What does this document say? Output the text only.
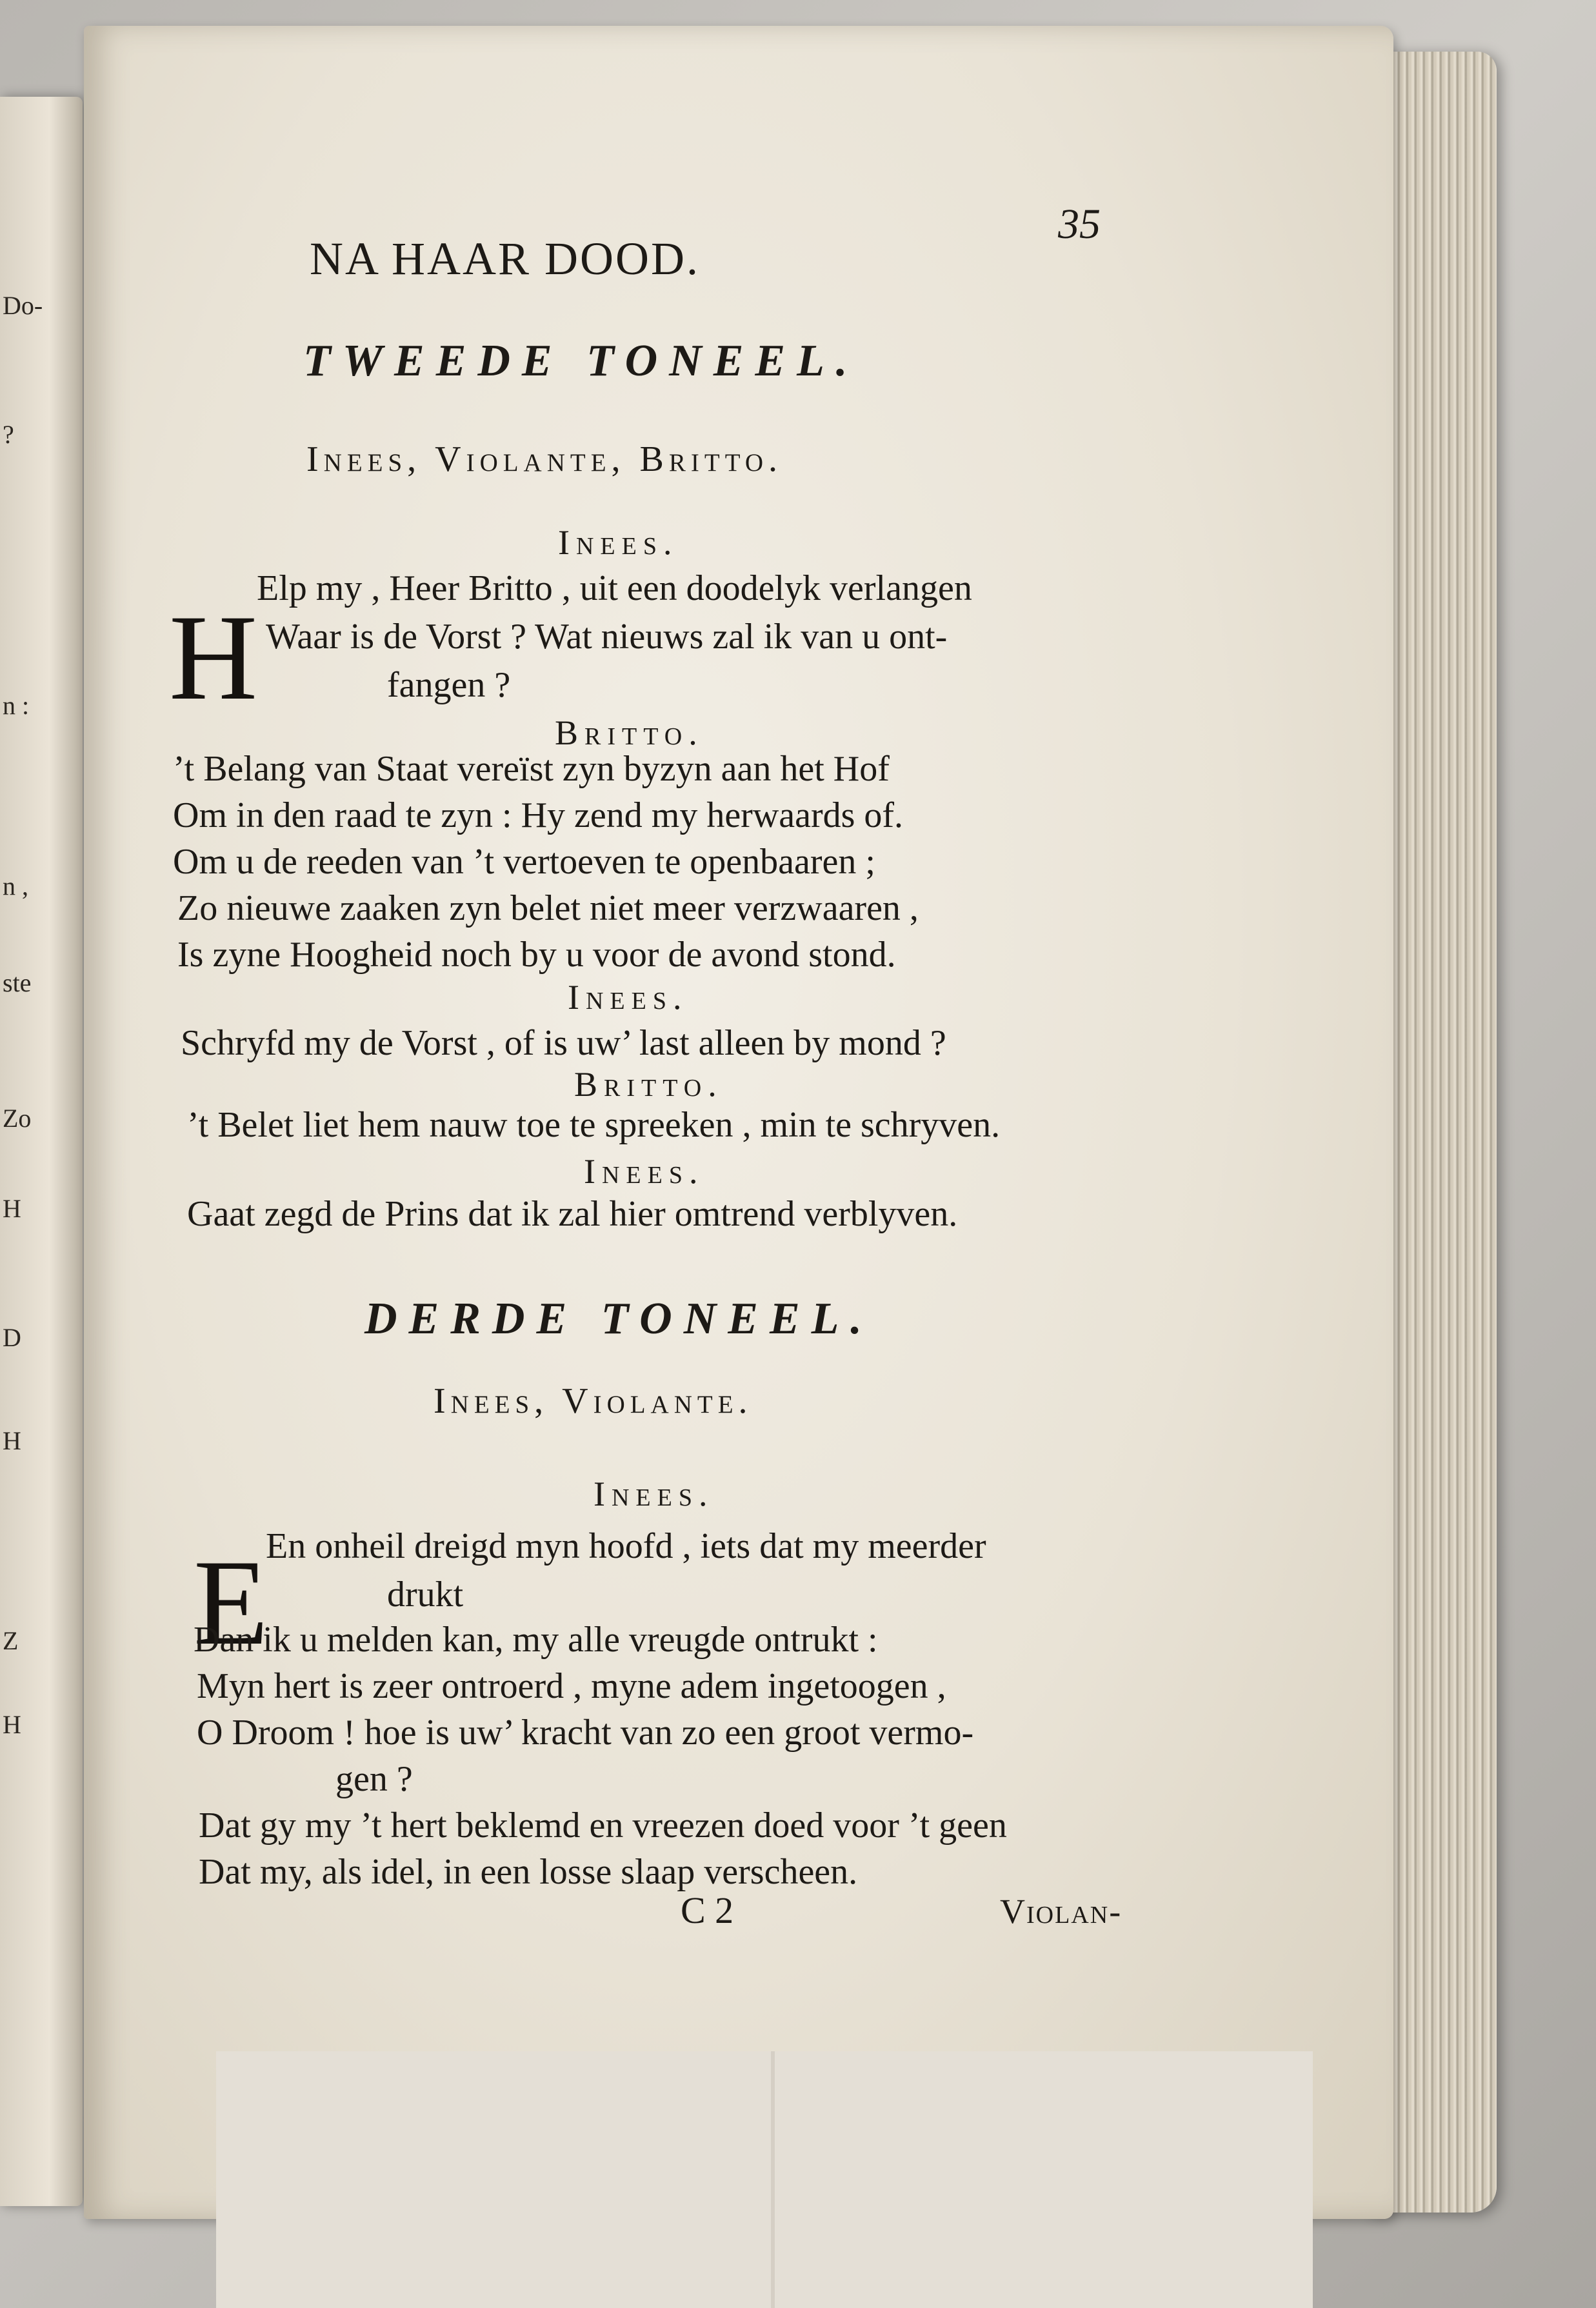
Do-
?
n :
n ,
ste
Zo
H
D
H
Z
H
NA HAAR DOOD.
35
TWEEDE TONEEL.
Inees, Violante, Britto.
Inees.
H
Elp my , Heer Britto , uit een doodelyk verlangen
Waar is de Vorst ? Wat nieuws zal ik van u ont-
fangen ?
Britto.
’t Belang van Staat vereïst zyn byzyn aan het Hof
Om in den raad te zyn : Hy zend my herwaards of.
Om u de reeden van ’t vertoeven te openbaaren ;
Zo nieuwe zaaken zyn belet niet meer verzwaaren ,
Is zyne Hoogheid noch by u voor de avond stond.
Inees.
Schryfd my de Vorst , of is uw’ last alleen by mond ?
Britto.
’t Belet liet hem nauw toe te spreeken , min te schryven.
Inees.
Gaat zegd de Prins dat ik zal hier omtrend verblyven.
DERDE TONEEL.
Inees, Violante.
Inees.
E
En onheil dreigd myn hoofd , iets dat my meerder
drukt
Dan ik u melden kan, my alle vreugde ontrukt :
Myn hert is zeer ontroerd , myne adem ingetoogen ,
O Droom ! hoe is uw’ kracht van zo een groot vermo-
gen ?
Dat gy my ’t hert beklemd en vreezen doed voor ’t geen
Dat my, als idel, in een losse slaap verscheen.
C 2	Violan-
